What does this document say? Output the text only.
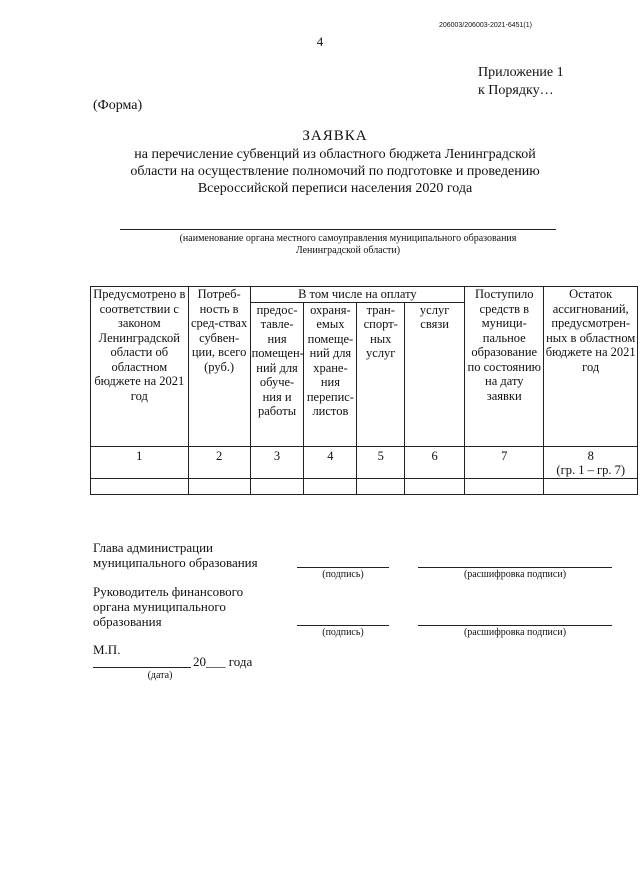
206003/206003-2021-6451(1)
4
Приложение 1
к Порядку…
(Форма)
ЗАЯВКА
на перечисление субвенций из областного бюджета Ленинградской
области на осуществление полномочий по подготовке и проведению
Всероссийской переписи населения 2020 года
(наименование органа местного самоуправления муниципального образования
Ленинградской области)
Предусмотрено в соответствии с законом Ленинградской области об областном бюджете на 2021 год	Потреб-ность в сред-ствах субвен-ции, всего (руб.)	В том числе на оплату				Поступило средств в муници-пальное образование по состоянию на дату заявки	Остаток ассигнований, предусмотрен-ных в областном бюджете на 2021 год
		предос-тавле-ния помещен-ний для обуче-ния и работы	охраня-емых помеще-ний для хране-ния перепис-листов	тран-спорт-ных услуг	услуг связи		
1	2	3	4	5	6	7	8
(гр. 1 – гр. 7)

Глава администрации
муниципального образования
(подпись)	(расшифровка подписи)
Руководитель финансового
органа муниципального
образования
(подпись)	(расшифровка подписи)
М.П.
20___ года
(дата)
